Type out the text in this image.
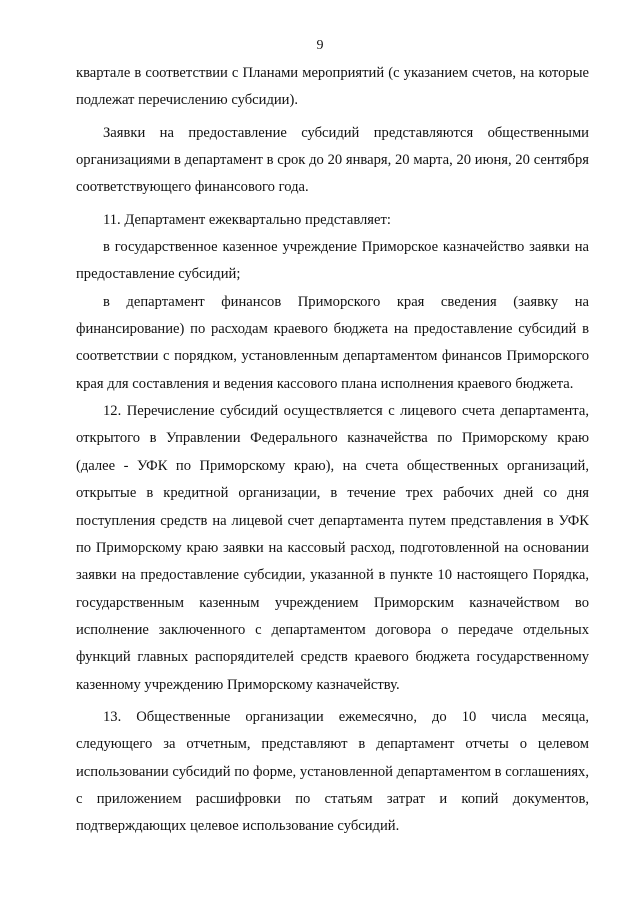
9

квартале в соответствии с Планами мероприятий (с указанием счетов, на которые подлежат перечислению субсидии).

Заявки на предоставление субсидий представляются общественными организациями в департамент в срок до 20 января, 20 марта, 20 июня, 20 сентября соответствующего финансового года.

11. Департамент ежеквартально представляет:

в государственное казенное учреждение Приморское казначейство заявки на предоставление субсидий;

в департамент финансов Приморского края сведения (заявку на финансирование) по расходам краевого бюджета на предоставление субсидий в соответствии с порядком, установленным департаментом финансов Приморского края для составления и ведения кассового плана исполнения краевого бюджета.

12. Перечисление субсидий осуществляется с лицевого счета департамента, открытого в Управлении Федерального казначейства по Приморскому краю (далее - УФК по Приморскому краю), на счета общественных организаций, открытые в кредитной организации, в течение трех рабочих дней со дня поступления средств на лицевой счет департамента путем представления в УФК по Приморскому краю заявки на кассовый расход, подготовленной на основании заявки на предоставление субсидии, указанной в пункте 10 настоящего Порядка, государственным казенным учреждением Приморским казначейством во исполнение заключенного с департаментом договора о передаче отдельных функций главных распорядителей средств краевого бюджета государственному казенному учреждению Приморскому казначейству.

13. Общественные организации ежемесячно, до 10 числа месяца, следующего за отчетным, представляют в департамент отчеты о целевом использовании субсидий по форме, установленной департаментом в соглашениях, с приложением расшифровки по статьям затрат и копий документов, подтверждающих целевое использование субсидий.
